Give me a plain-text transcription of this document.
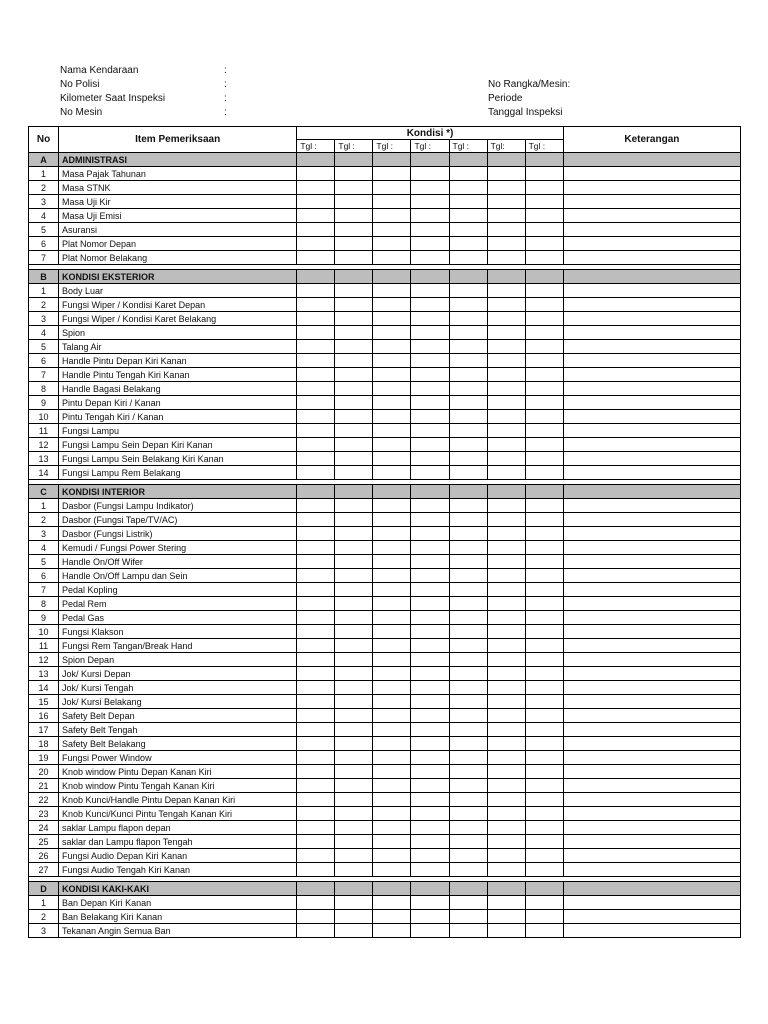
Nama Kendaraan	:
No Polisi	:	No Rangka/Mesin:
Kilometer Saat Inspeksi	:	Periode
No Mesin	:	Tanggal Inspeksi
No	Item Pemeriksaan	Kondisi *)							Keterangan
		Tgl :	Tgl :	Tgl :	Tgl :	Tgl :	Tgl:	Tgl :	
A	ADMINISTRASI								
1	Masa Pajak Tahunan								
2	Masa STNK								
3	Masa Uji Kir								
4	Masa Uji Emisi								
5	Asuransi								
6	Plat Nomor Depan								
7	Plat Nomor Belakang								

B	KONDISI EKSTERIOR								
1	Body Luar								
2	Fungsi Wiper / Kondisi Karet Depan								
3	Fungsi Wiper / Kondisi Karet Belakang								
4	Spion								
5	Talang Air								
6	Handle Pintu Depan Kiri Kanan								
7	Handle Pintu Tengah Kiri Kanan								
8	Handle Bagasi Belakang								
9	Pintu Depan Kiri / Kanan								
10	Pintu Tengah Kiri / Kanan								
11	Fungsi Lampu								
12	Fungsi Lampu Sein Depan Kiri Kanan								
13	Fungsi Lampu Sein Belakang Kiri Kanan								
14	Fungsi Lampu Rem Belakang								

C	KONDISI INTERIOR								
1	Dasbor (Fungsi Lampu Indikator)								
2	Dasbor (Fungsi Tape/TV/AC)								
3	Dasbor (Fungsi Listrik)								
4	Kemudi / Fungsi Power Stering								
5	Handle On/Off Wifer								
6	Handle On/Off Lampu dan Sein								
7	Pedal Kopling								
8	Pedal Rem								
9	Pedal Gas								
10	Fungsi Klakson								
11	Fungsi Rem Tangan/Break Hand								
12	Spion Depan								
13	Jok/ Kursi Depan								
14	Jok/ Kursi Tengah								
15	Jok/ Kursi Belakang								
16	Safety Belt Depan								
17	Safety Belt Tengah								
18	Safety Belt Belakang								
19	Fungsi Power Window								
20	Knob window Pintu Depan Kanan Kiri								
21	Knob window Pintu Tengah Kanan Kiri								
22	Knob Kunci/Handle Pintu Depan Kanan Kiri								
23	Knob Kunci/Kunci Pintu Tengah Kanan Kiri								
24	saklar Lampu flapon depan								
25	saklar dan Lampu flapon Tengah								
26	Fungsi Audio Depan Kiri Kanan								
27	Fungsi Audio Tengah Kiri Kanan								

D	KONDISI KAKI-KAKI								
1	Ban Depan Kiri Kanan								
2	Ban Belakang Kiri Kanan								
3	Tekanan Angin Semua Ban								
